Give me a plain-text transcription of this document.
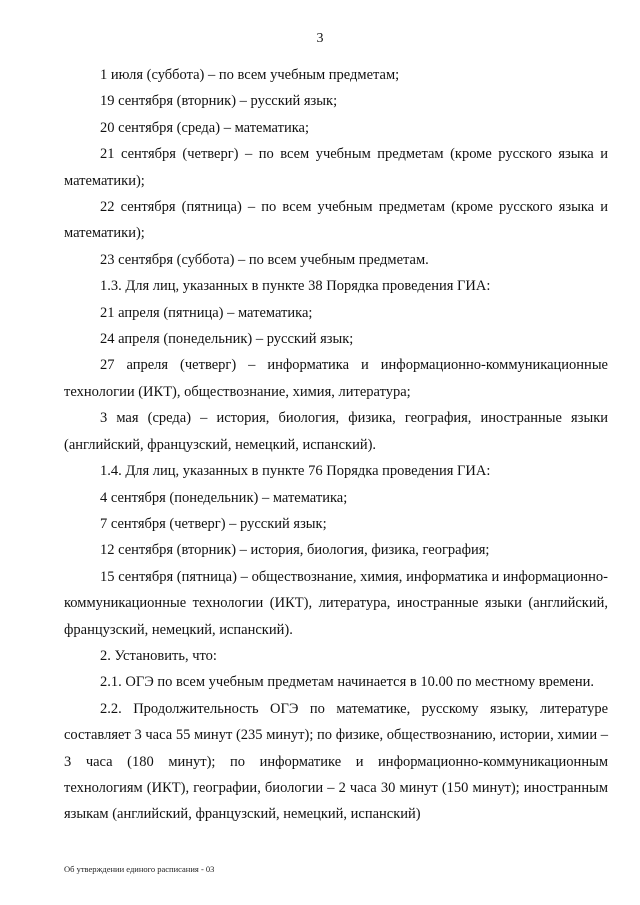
3

1 июля (суббота) – по всем учебным предметам;

19 сентября (вторник) – русский язык;

20 сентября (среда) – математика;

21 сентября (четверг) – по всем учебным предметам (кроме русского языка и математики);

22 сентября (пятница) – по всем учебным предметам (кроме русского языка и математики);

23 сентября (суббота) – по всем учебным предметам.

1.3. Для лиц, указанных в пункте 38 Порядка проведения ГИА:

21 апреля (пятница) – математика;

24 апреля (понедельник) – русский язык;

27 апреля (четверг) – информатика и информационно-коммуникационные технологии (ИКТ), обществознание, химия, литература;

3 мая (среда) – история, биология, физика, география, иностранные языки (английский, французский, немецкий, испанский).

1.4. Для лиц, указанных в пункте 76 Порядка проведения ГИА:

4 сентября (понедельник) – математика;

7 сентября (четверг) – русский язык;

12 сентября (вторник) – история, биология, физика, география;

15 сентября (пятница) – обществознание, химия, информатика и информационно-коммуникационные технологии (ИКТ), литература, иностранные языки (английский, французский, немецкий, испанский).

2. Установить, что:

2.1. ОГЭ по всем учебным предметам начинается в 10.00 по местному времени.

2.2. Продолжительность ОГЭ по математике, русскому языку, литературе составляет 3 часа 55 минут (235 минут); по физике, обществознанию, истории, химии – 3 часа (180 минут); по информатике и информационно-коммуникационным технологиям (ИКТ), географии, биологии – 2 часа 30 минут (150 минут); иностранным языкам (английский, французский, немецкий, испанский)

Об утверждении единого расписания - 03
